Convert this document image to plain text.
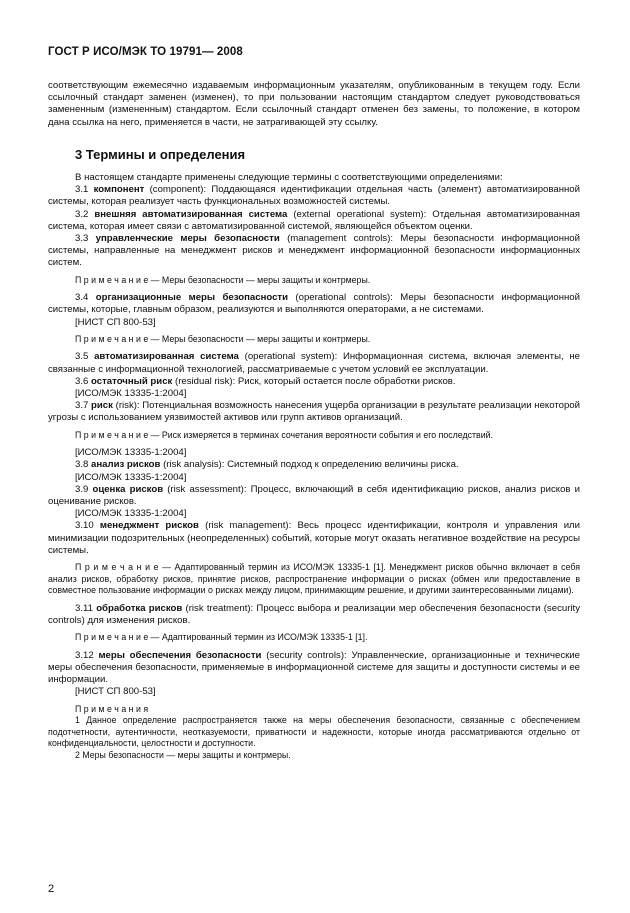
ГОСТ Р ИСО/МЭК ТО 19791— 2008

соответствующим ежемесячно издаваемым информационным указателям, опубликованным в текущем году. Если ссылочный стандарт заменен (изменен), то при пользовании настоящим стандартом следует руководствоваться замененным (измененным) стандартом. Если ссылочный стандарт отменен без замены, то положение, в котором дана ссылка на него, применяется в части, не затрагивающей эту ссылку.

3 Термины и определения

В настоящем стандарте применены следующие термины с соответствующими определениями:

3.1 компонент (component): Поддающаяся идентификации отдельная часть (элемент) автоматизированной системы, которая реализует часть функциональных возможностей системы.

3.2 внешняя автоматизированная система (external operational system): Отдельная автоматизированная система, которая имеет связи с автоматизированной системой, являющейся объектом оценки.

3.3 управленческие меры безопасности (management controls): Меры безопасности информационной системы, направленные на менеджмент рисков и менеджмент информационной безопасности информационных систем.

П р и м е ч а н и е — Меры безопасности — меры защиты и контрмеры.

3.4 организационные меры безопасности (operational controls): Меры безопасности информационной системы, которые, главным образом, реализуются и выполняются операторами, а не системами.

[НИСТ СП 800-53]

П р и м е ч а н и е — Меры безопасности — меры защиты и контрмеры.

3.5 автоматизированная система (operational system): Информационная система, включая элементы, не связанные с информационной технологией, рассматриваемые с учетом условий ее эксплуатации.

3.6 остаточный риск (residual risk): Риск, который остается после обработки рисков.

[ИСО/МЭК 13335-1:2004]

3.7 риск (risk): Потенциальная возможность нанесения ущерба организации в результате реализации некоторой угрозы с использованием уязвимостей активов или групп активов организаций.

П р и м е ч а н и е — Риск измеряется в терминах сочетания вероятности события и его последствий.

[ИСО/МЭК 13335-1:2004]

3.8 анализ рисков (risk analysis): Системный подход к определению величины риска.

[ИСО/МЭК 13335-1:2004]

3.9 оценка рисков (risk assessment): Процесс, включающий в себя идентификацию рисков, анализ рисков и оценивание рисков.

[ИСО/МЭК 13335-1:2004]

3.10 менеджмент рисков (risk management): Весь процесс идентификации, контроля и управления или минимизации подозрительных (неопределенных) событий, которые могут оказать негативное воздействие на ресурсы системы.

П р и м е ч а н и е — Адаптированный термин из ИСО/МЭК 13335-1 [1]. Менеджмент рисков обычно включает в себя анализ рисков, обработку рисков, принятие рисков, распространение информации о рисках (обмен или предоставление в совместное пользование информации о рисках между лицом, принимающим решение, и другими заинтересованными лицами).

3.11 обработка рисков (risk treatment): Процесс выбора и реализации мер обеспечения безопасности (security controls) для изменения рисков.

П р и м е ч а н и е — Адаптированный термин из ИСО/МЭК 13335-1 [1].

3.12 меры обеспечения безопасности (security controls): Управленческие, организационные и технические меры обеспечения безопасности, применяемые в информационной системе для защиты и доступности системы и ее информации.

[НИСТ СП 800-53]

П р и м е ч а н и я

1 Данное определение распространяется также на меры обеспечения безопасности, связанные с обеспечением подотчетности, аутентичности, неотказуемости, приватности и надежности, которые иногда рассматриваются отдельно от конфиденциальности, целостности и доступности.

2 Меры безопасности — меры защиты и контрмеры.

2
